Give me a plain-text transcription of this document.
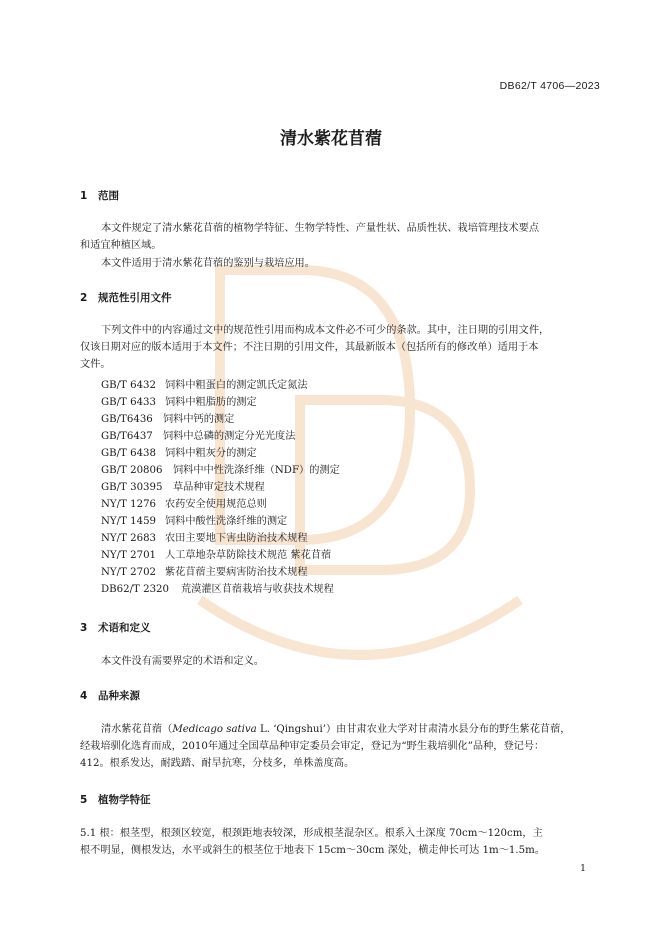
DB62/T 4706—2023
清水紫花苜蓿
1 范围
本文件规定了清水紫花苜蓿的植物学特征、生物学特性、产量性状、品质性状、栽培管理技术要点
和适宜种植区域。
本文件适用于清水紫花苜蓿的鉴别与栽培应用。
2 规范性引用文件
下列文件中的内容通过文中的规范性引用而构成本文件必不可少的条款。其中，注日期的引用文件，
仅该日期对应的版本适用于本文件；不注日期的引用文件，其最新版本（包括所有的修改单）适用于本
文件。
GB/T 6432 饲料中粗蛋白的测定凯氏定氮法
GB/T 6433 饲料中粗脂肪的测定
GB/T6436 饲料中钙的测定
GB/T6437 饲料中总磷的测定分光光度法
GB/T 6438 饲料中粗灰分的测定
GB/T 20806 饲料中中性洗涤纤维（NDF）的测定
GB/T 30395 草品种审定技术规程
NY/T 1276 农药安全使用规范总则
NY/T 1459 饲料中酸性洗涤纤维的测定
NY/T 2683 农田主要地下害虫防治技术规程
NY/T 2701 人工草地杂草防除技术规范 紫花苜蓿
NY/T 2702 紫花苜蓿主要病害防治技术规程
DB62/T 2320 荒漠灌区苜蓿栽培与收获技术规程
3 术语和定义
本文件没有需要界定的术语和定义。
4 品种来源
清水紫花苜蓿（Medicago sativa L. ‘Qingshui’）由甘肃农业大学对甘肃清水县分布的野生紫花苜蓿，
经栽培驯化选育而成，2010年通过全国草品种审定委员会审定，登记为“野生栽培驯化”品种，登记号：
412。根系发达，耐践踏、耐旱抗寒，分枝多，单株盖度高。
5 植物学特征
5.1 根：根茎型，根颈区较宽，根颈距地表较深，形成根茎混杂区。根系入土深度 70cm～120cm，主
根不明显，侧根发达，水平或斜生的根茎位于地表下 15cm～30cm 深处，横走伸长可达 1m～1.5m。
1
